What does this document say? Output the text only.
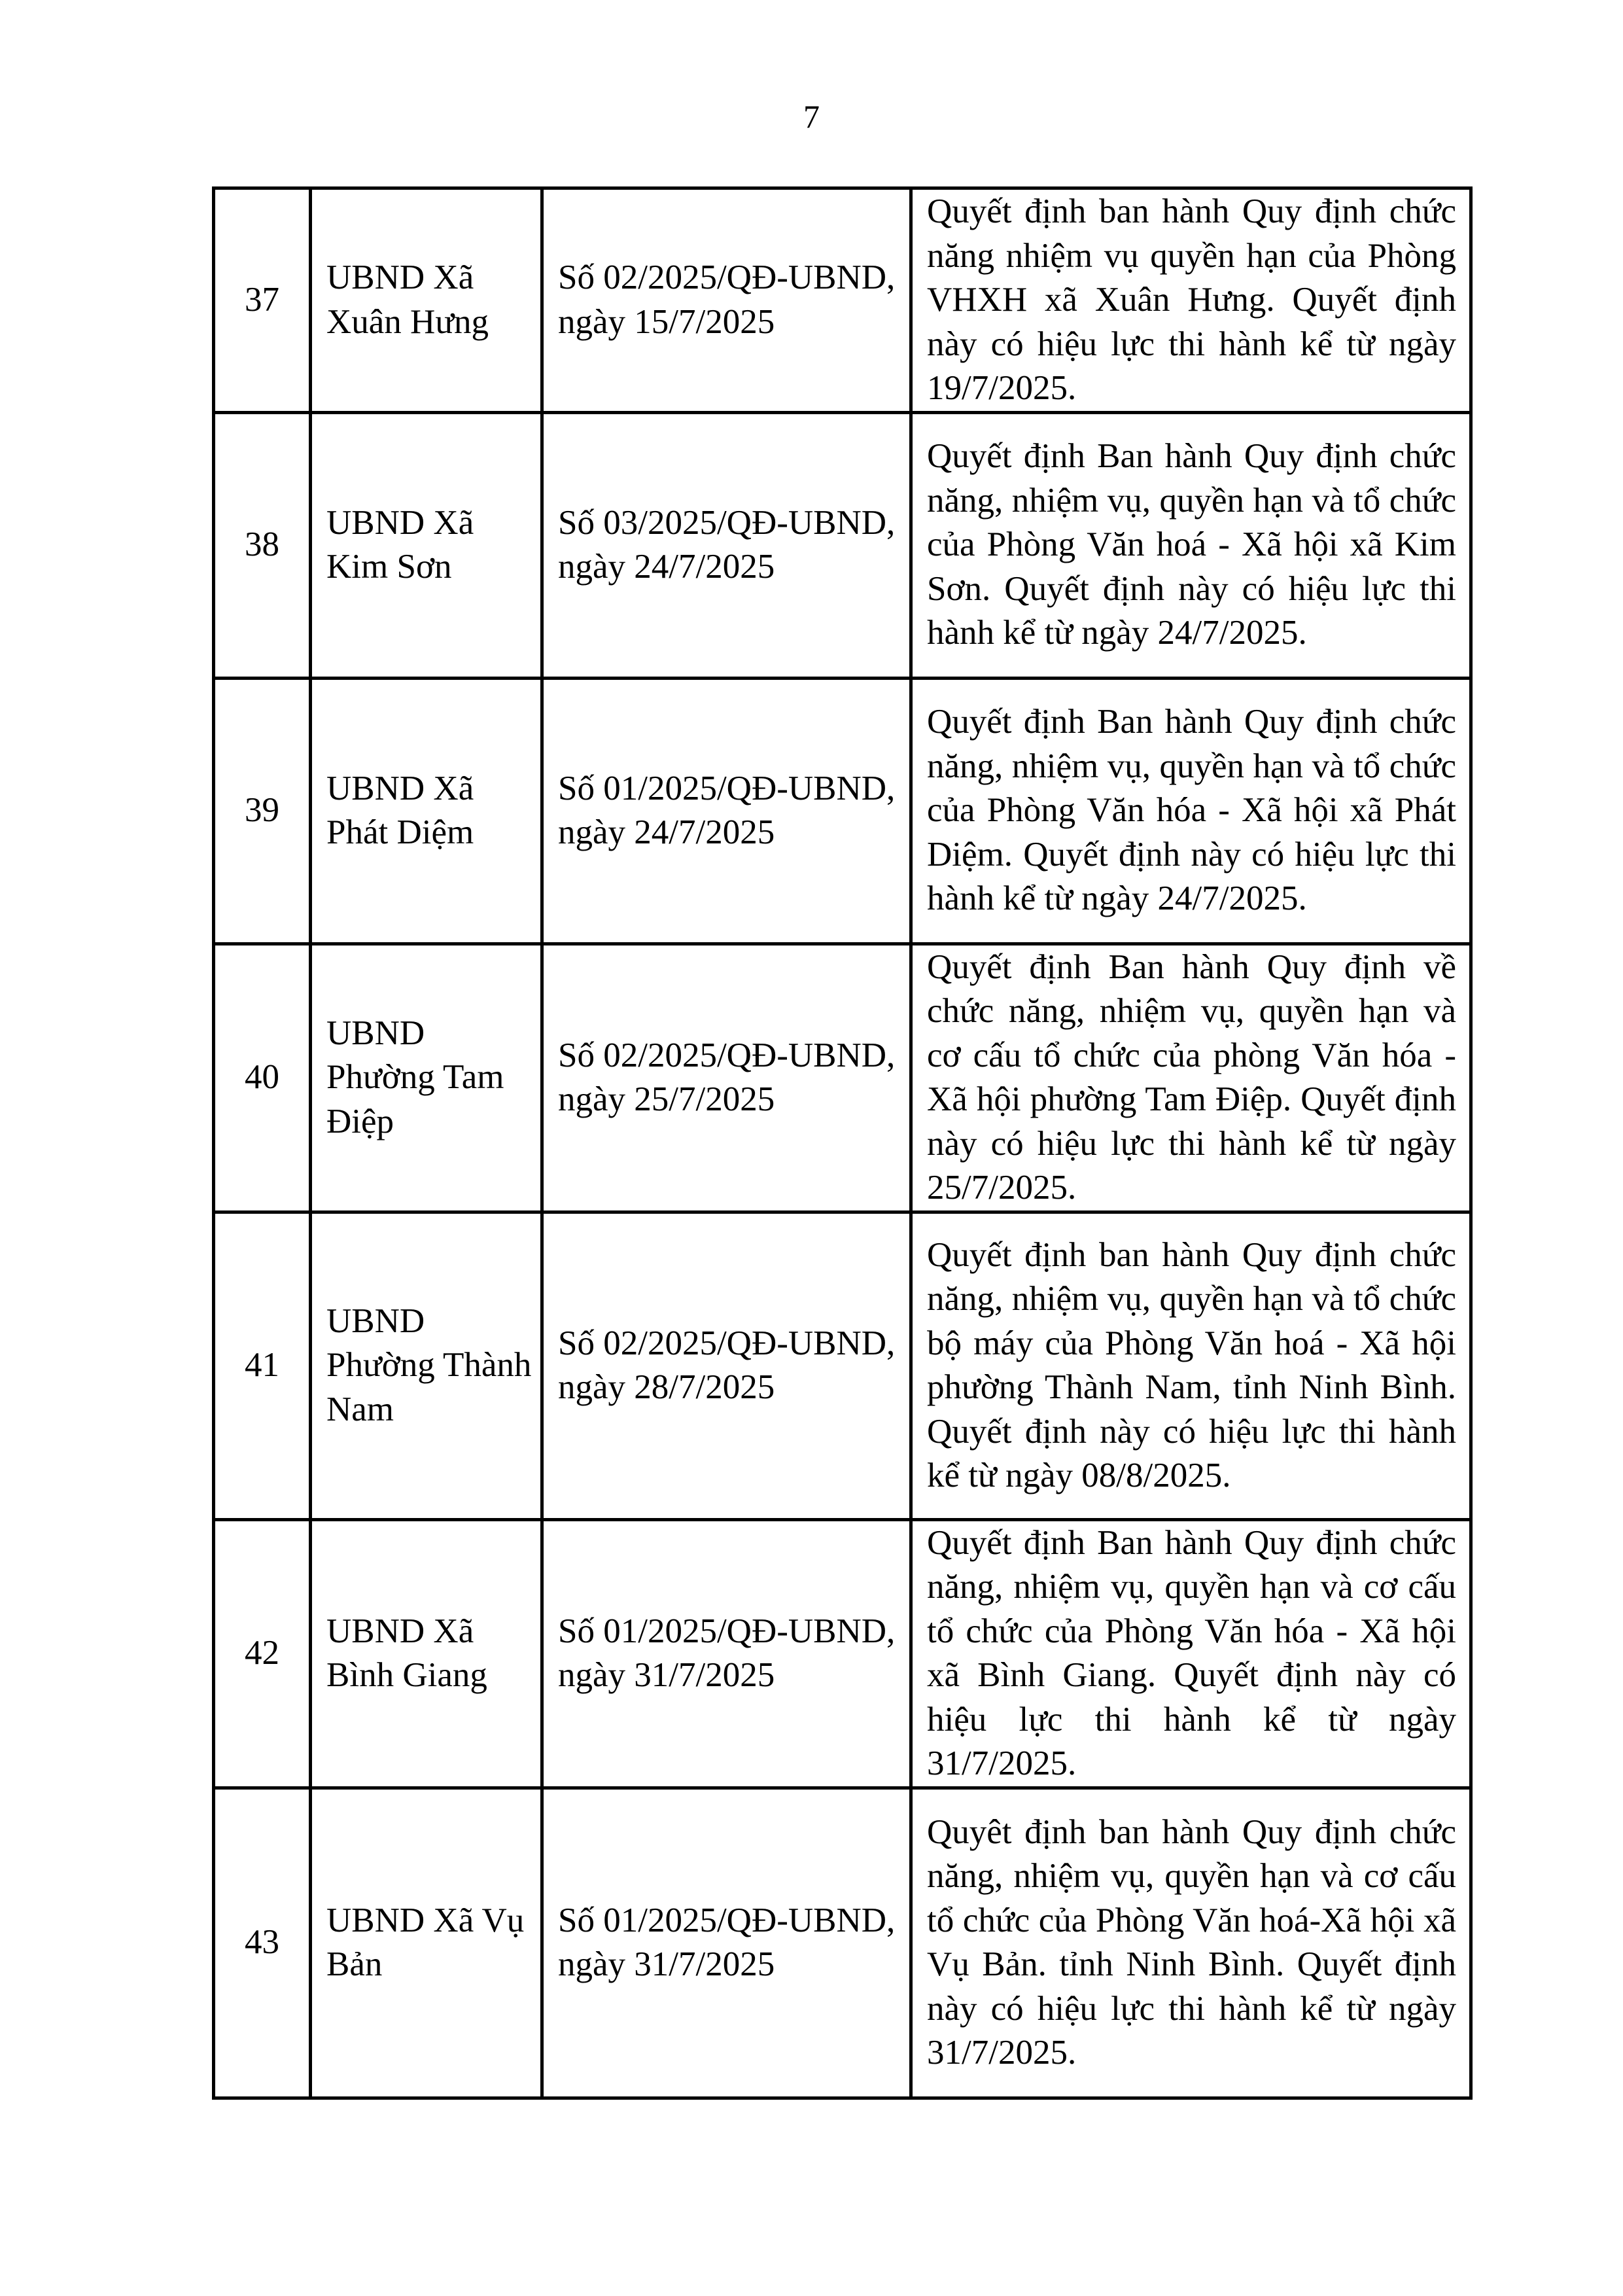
7
37	UBND Xã Xuân Hưng	Số 02/2025/QĐ-UBND, ngày 15/7/2025	Quyết định ban hành Quy định chức năng nhiệm vụ quyền hạn của Phòng VHXH xã Xuân Hưng. Quyết định này có hiệu lực thi hành kể từ ngày 19/7/2025.
38	UBND Xã Kim Sơn	Số 03/2025/QĐ-UBND, ngày 24/7/2025	Quyết định Ban hành Quy định chức năng, nhiệm vụ, quyền hạn và tổ chức của Phòng Văn hoá - Xã hội xã Kim Sơn. Quyết định này có hiệu lực thi hành kể từ ngày 24/7/2025.
39	UBND Xã Phát Diệm	Số 01/2025/QĐ-UBND, ngày 24/7/2025	Quyết định Ban hành Quy định chức năng, nhiệm vụ, quyền hạn và tổ chức của Phòng Văn hóa - Xã hội xã Phát Diệm. Quyết định này có hiệu lực thi hành kể từ ngày 24/7/2025.
40	UBND Phường Tam Điệp	Số 02/2025/QĐ-UBND, ngày 25/7/2025	Quyết định Ban hành Quy định về chức năng, nhiệm vụ, quyền hạn và cơ cấu tổ chức của phòng Văn hóa - Xã hội phường Tam Điệp. Quyết định này có hiệu lực thi hành kể từ ngày 25/7/2025.
41	UBND Phường Thành Nam	Số 02/2025/QĐ-UBND, ngày 28/7/2025	Quyết định ban hành Quy định chức năng, nhiệm vụ, quyền hạn và tổ chức bộ máy của Phòng Văn hoá - Xã hội phường Thành Nam, tỉnh Ninh Bình. Quyết định này có hiệu lực thi hành kể từ ngày 08/8/2025.
42	UBND Xã Bình Giang	Số 01/2025/QĐ-UBND, ngày 31/7/2025	Quyết định Ban hành Quy định chức năng, nhiệm vụ, quyền hạn và cơ cấu tổ chức của Phòng Văn hóa - Xã hội xã Bình Giang. Quyết định này có hiệu lực thi hành kể từ ngày 31/7/2025.
43	UBND Xã Vụ Bản	Số 01/2025/QĐ-UBND, ngày 31/7/2025	Quyêt định ban hành Quy định chức năng, nhiệm vụ, quyền hạn và cơ cấu tổ chức của Phòng Văn hoá-Xã hội xã Vụ Bản. tỉnh Ninh Bình. Quyết định này có hiệu lực thi hành kể từ ngày 31/7/2025.
